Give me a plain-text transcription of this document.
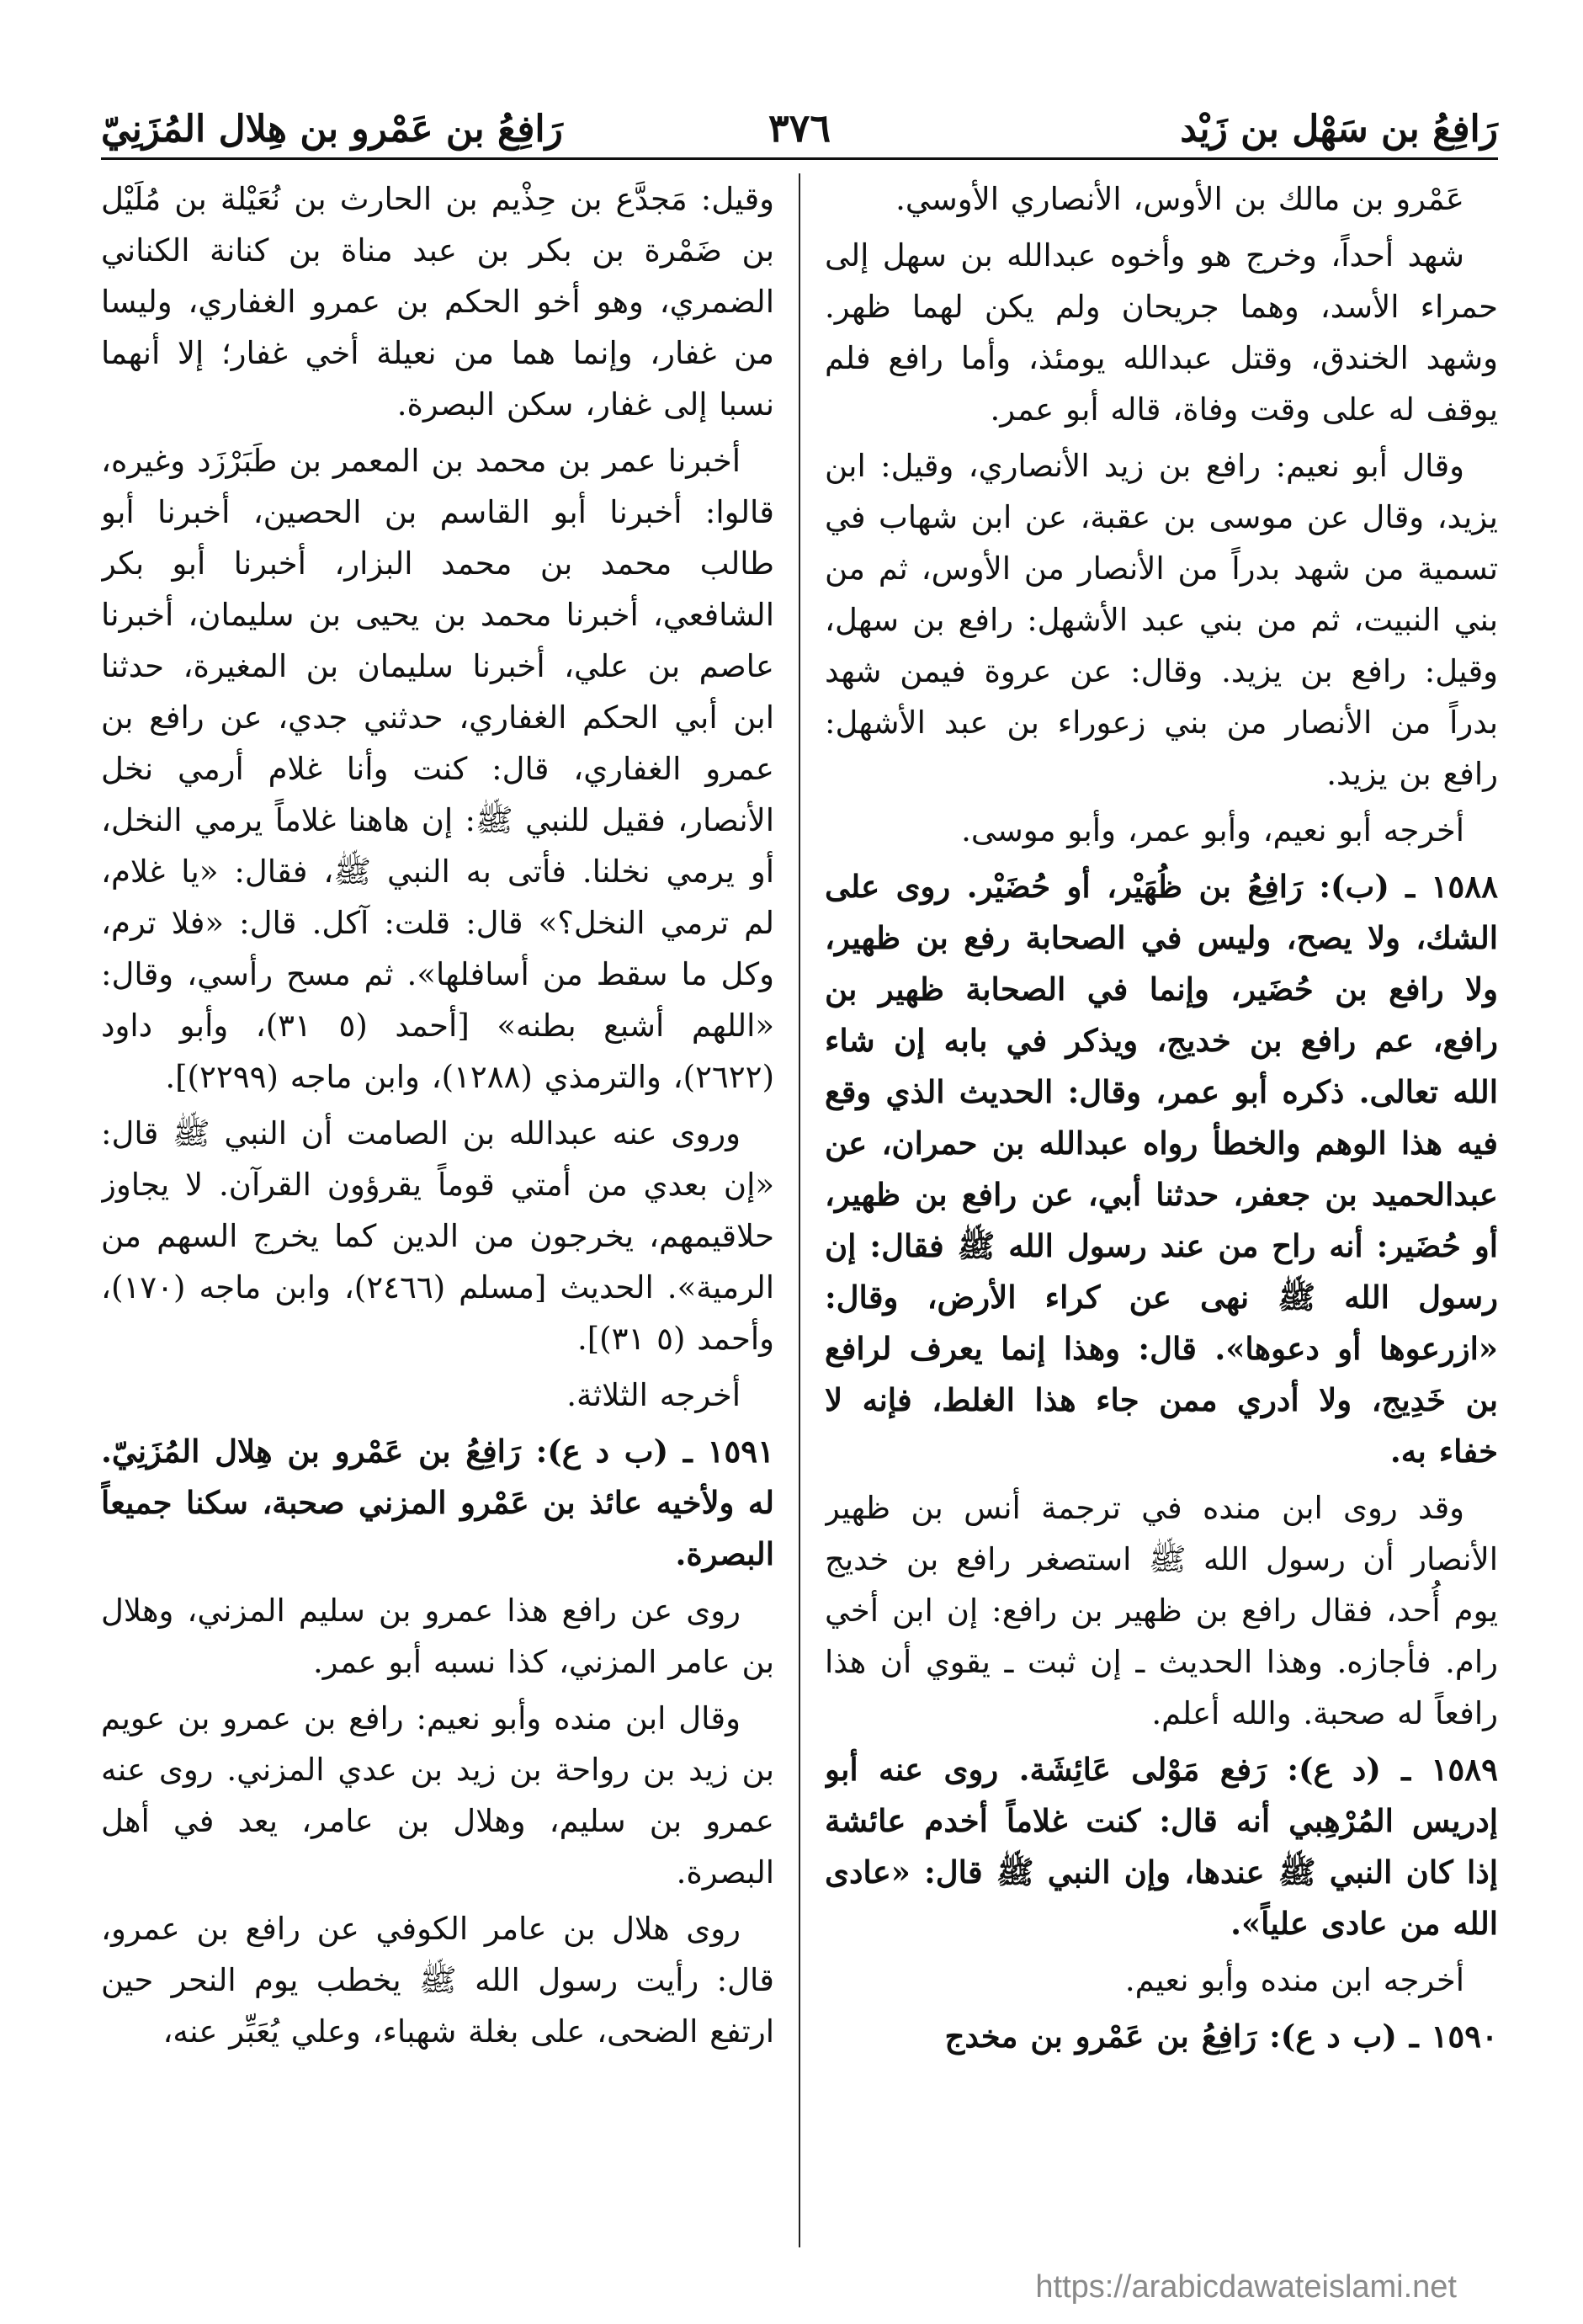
رَافِعُ بن سَهْل بن زَيْد
٣٧٦
رَافِعُ بن عَمْرو بن هِلال المُزَنِيّ

عَمْرو بن مالك بن الأوس، الأنصاري الأوسي.

شهد أحداً، وخرج هو وأخوه عبدالله بن سهل إلى حمراء الأسد، وهما جريحان ولم يكن لهما ظهر. وشهد الخندق، وقتل عبدالله يومئذ، وأما رافع فلم يوقف له على وقت وفاة، قاله أبو عمر.

وقال أبو نعيم: رافع بن زيد الأنصاري، وقيل: ابن يزيد، وقال عن موسى بن عقبة، عن ابن شهاب في تسمية من شهد بدراً من الأنصار من الأوس، ثم من بني النبيت، ثم من بني عبد الأشهل: رافع بن سهل، وقيل: رافع بن يزيد. وقال: عن عروة فيمن شهد بدراً من الأنصار من بني زعوراء بن عبد الأشهل: رافع بن يزيد.

أخرجه أبو نعيم، وأبو عمر، وأبو موسى.

١٥٨٨ ـ (ب): رَافِعُ بن ظُهَيْر، أو حُضَيْر. روى على الشك، ولا يصح، وليس في الصحابة رفع بن ظهير، ولا رافع بن حُضَير، وإنما في الصحابة ظهير بن رافع، عم رافع بن خديج، ويذكر في بابه إن شاء الله تعالى. ذكره أبو عمر، وقال: الحديث الذي وقع فيه هذا الوهم والخطأ رواه عبدالله بن حمران، عن عبدالحميد بن جعفر، حدثنا أبي، عن رافع بن ظهير، أو حُضَير: أنه راح من عند رسول الله ﷺ فقال: إن رسول الله ﷺ نهى عن كراء الأرض، وقال: «ازرعوها أو دعوها». قال: وهذا إنما يعرف لرافع بن خَدِيج، ولا أدري ممن جاء هذا الغلط، فإنه لا خفاء به.

وقد روى ابن منده في ترجمة أنس بن ظهير الأنصار أن رسول الله ﷺ استصغر رافع بن خديج يوم أُحد، فقال رافع بن ظهير بن رافع: إن ابن أخي رام. فأجازه. وهذا الحديث ـ إن ثبت ـ يقوي أن هذا رافعاً له صحبة. والله أعلم.

١٥٨٩ ـ (د ع): رَفع مَوْلى عَائِشَة. روى عنه أبو إدريس المُرْهِبي أنه قال: كنت غلاماً أخدم عائشة إذا كان النبي ﷺ عندها، وإن النبي ﷺ قال: «عادى الله من عادى علياً».

أخرجه ابن منده وأبو نعيم.

١٥٩٠ ـ (ب د ع): رَافِعُ بن عَمْرو بن مخدج

وقيل: مَجدَّع بن حِذْيم بن الحارث بن نُعَيْلة بن مُلَيْل بن ضَمْرة بن بكر بن عبد مناة بن كنانة الكناني الضمري، وهو أخو الحكم بن عمرو الغفاري، وليسا من غفار، وإنما هما من نعيلة أخي غفار؛ إلا أنهما نسبا إلى غفار، سكن البصرة.

أخبرنا عمر بن محمد بن المعمر بن طَبَرْزَد وغيره، قالوا: أخبرنا أبو القاسم بن الحصين، أخبرنا أبو طالب محمد بن محمد البزار، أخبرنا أبو بكر الشافعي، أخبرنا محمد بن يحيى بن سليمان، أخبرنا عاصم بن علي، أخبرنا سليمان بن المغيرة، حدثنا ابن أبي الحكم الغفاري، حدثني جدي، عن رافع بن عمرو الغفاري، قال: كنت وأنا غلام أرمي نخل الأنصار، فقيل للنبي ﷺ: إن هاهنا غلاماً يرمي النخل، أو يرمي نخلنا. فأتى به النبي ﷺ، فقال: «يا غلام، لم ترمي النخل؟» قال: قلت: آكل. قال: «فلا ترم، وكل ما سقط من أسافلها». ثم مسح رأسي، وقال: «اللهم أشبع بطنه» [أحمد (٥ ٣١)، وأبو داود (٢٦٢٢)، والترمذي (١٢٨٨)، وابن ماجه (٢٢٩٩)].

وروى عنه عبدالله بن الصامت أن النبي ﷺ قال: «إن بعدي من أمتي قوماً يقرؤون القرآن. لا يجاوز حلاقيمهم، يخرجون من الدين كما يخرج السهم من الرمية». الحديث [مسلم (٢٤٦٦)، وابن ماجه (١٧٠)، وأحمد (٥ ٣١)].

أخرجه الثلاثة.

١٥٩١ ـ (ب د ع): رَافِعُ بن عَمْرو بن هِلال المُزَنِيّ. له ولأخيه عائذ بن عَمْرو المزني صحبة، سكنا جميعاً البصرة.

روى عن رافع هذا عمرو بن سليم المزني، وهلال بن عامر المزني، كذا نسبه أبو عمر.

وقال ابن منده وأبو نعيم: رافع بن عمرو بن عويم بن زيد بن رواحة بن زيد بن عدي المزني. روى عنه عمرو بن سليم، وهلال بن عامر، يعد في أهل البصرة.

روى هلال بن عامر الكوفي عن رافع بن عمرو، قال: رأيت رسول الله ﷺ يخطب يوم النحر حين ارتفع الضحى، على بغلة شهباء، وعلي يُعَبِّر عنه،

https://arabicdawateislami.net
